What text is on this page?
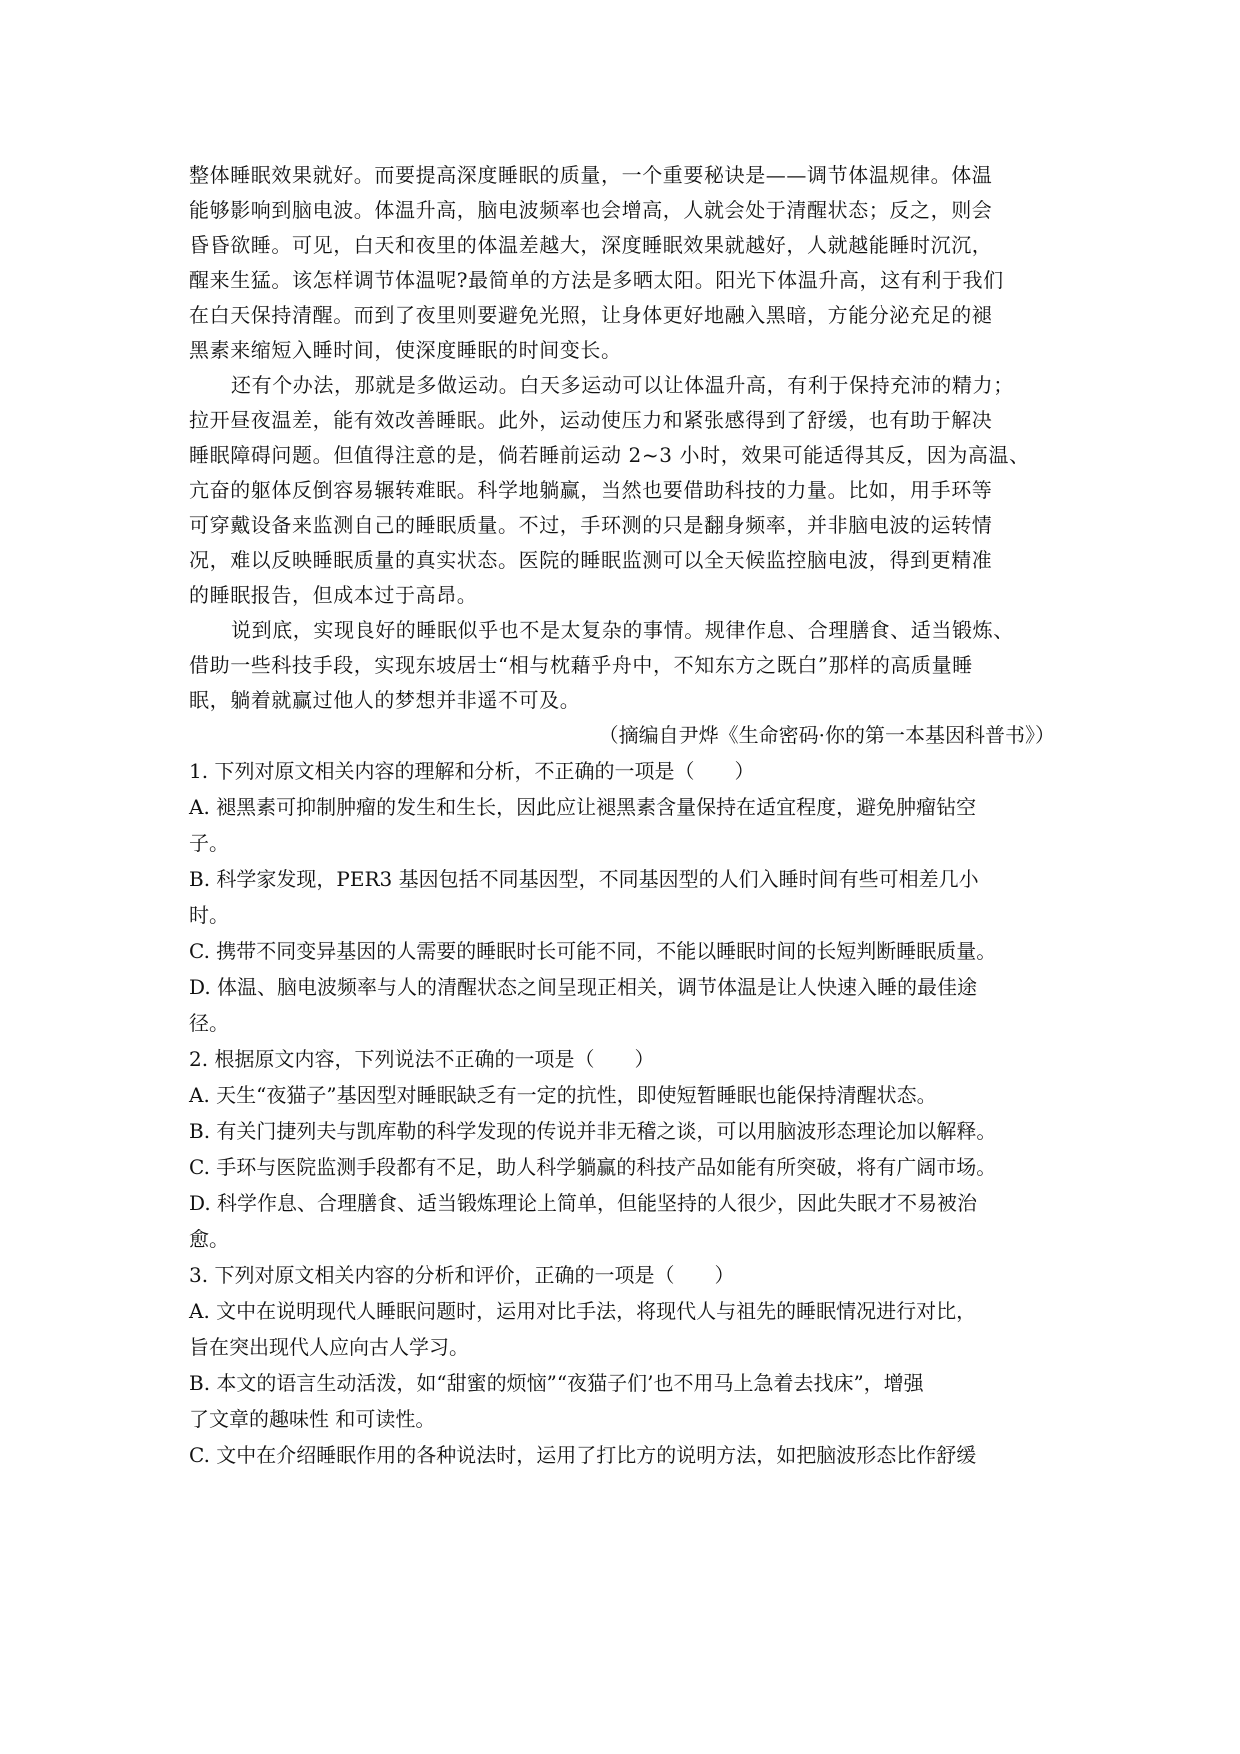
整体睡眠效果就好。而要提高深度睡眠的质量，一个重要秘诀是——调节体温规律。体温
能够影响到脑电波。体温升高，脑电波频率也会增高，人就会处于清醒状态；反之，则会
昏昏欲睡。可见，白天和夜里的体温差越大，深度睡眠效果就越好，人就越能睡时沉沉，
醒来生猛。该怎样调节体温呢?最简单的方法是多晒太阳。阳光下体温升高，这有利于我们
在白天保持清醒。而到了夜里则要避免光照，让身体更好地融入黑暗，方能分泌充足的褪
黑素来缩短入睡时间，使深度睡眠的时间变长。
还有个办法，那就是多做运动。白天多运动可以让体温升高，有利于保持充沛的精力；
拉开昼夜温差，能有效改善睡眠。此外，运动使压力和紧张感得到了舒缓，也有助于解决
睡眠障碍问题。但值得注意的是，倘若睡前运动 2~3 小时，效果可能适得其反，因为高温、
亢奋的躯体反倒容易辗转难眠。科学地躺赢，当然也要借助科技的力量。比如，用手环等
可穿戴设备来监测自己的睡眠质量。不过，手环测的只是翻身频率，并非脑电波的运转情
况，难以反映睡眠质量的真实状态。医院的睡眠监测可以全天候监控脑电波，得到更精准
的睡眠报告，但成本过于高昂。
说到底，实现良好的睡眠似乎也不是太复杂的事情。规律作息、合理膳食、适当锻炼、
借助一些科技手段，实现东坡居士“相与枕藉乎舟中，不知东方之既白”那样的高质量睡
眠，躺着就赢过他人的梦想并非遥不可及。
（摘编自尹烨《生命密码·你的第一本基因科普书》）
1. 下列对原文相关内容的理解和分析，不正确的一项是（　　）
A. 褪黑素可抑制肿瘤的发生和生长，因此应让褪黑素含量保持在适宜程度，避免肿瘤钻空
子。
B. 科学家发现，PER3 基因包括不同基因型，不同基因型的人们入睡时间有些可相差几小
时。
C. 携带不同变异基因的人需要的睡眠时长可能不同，不能以睡眠时间的长短判断睡眠质量。
D. 体温、脑电波频率与人的清醒状态之间呈现正相关，调节体温是让人快速入睡的最佳途
径。
2. 根据原文内容，下列说法不正确的一项是（　　）
A. 天生“夜猫子”基因型对睡眠缺乏有一定的抗性，即使短暂睡眠也能保持清醒状态。
B. 有关门捷列夫与凯库勒的科学发现的传说并非无稽之谈，可以用脑波形态理论加以解释。
C. 手环与医院监测手段都有不足，助人科学躺赢的科技产品如能有所突破，将有广阔市场。
D. 科学作息、合理膳食、适当锻炼理论上简单，但能坚持的人很少，因此失眠才不易被治
愈。
3. 下列对原文相关内容的分析和评价，正确的一项是（　　）
A. 文中在说明现代人睡眠问题时，运用对比手法，将现代人与祖先的睡眠情况进行对比，
旨在突出现代人应向古人学习。
B. 本文的语言生动活泼，如“甜蜜的烦恼”“夜猫子们’也不用马上急着去找床”，增强
了文章的趣味性 和可读性。
C. 文中在介绍睡眠作用的各种说法时，运用了打比方的说明方法，如把脑波形态比作舒缓
